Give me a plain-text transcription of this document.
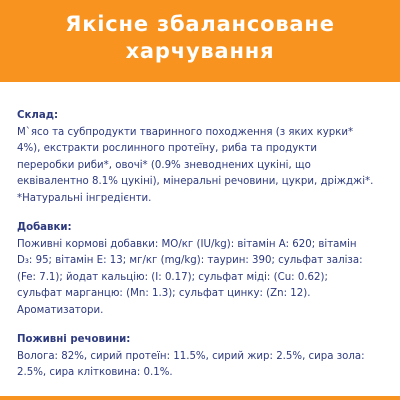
Якісне збалансоване
харчування
Склад:
М`ясо та субпродукти тваринного походження (з яких курки*
4%), екстракти рослинного протеїну, риба та продукти
переробки риби*, овочі* (0.9% зневоднених цукіні, що
еквівалентно 8.1% цукіні), мінеральні речовини, цукри, дріжджі*.
*Натуральні інгредієнти.
Добавки:
Поживні кормові добавки: МО/кг (IU/kg): вітамін A: 620; вітамін
D₃: 95; вітамін E: 13; мг/кг (mg/kg): таурин: 390; сульфат заліза:
(Fe: 7.1); йодат кальцію: (I: 0.17); сульфат міді: (Cu: 0.62);
сульфат марганцю: (Mn: 1.3); сульфат цинку: (Zn: 12).
Ароматизатори.
Поживні речовини:
Волога: 82%, сирий протеїн: 11.5%, сирий жир: 2.5%, сира зола:
2.5%, сира клітковина: 0.1%.
